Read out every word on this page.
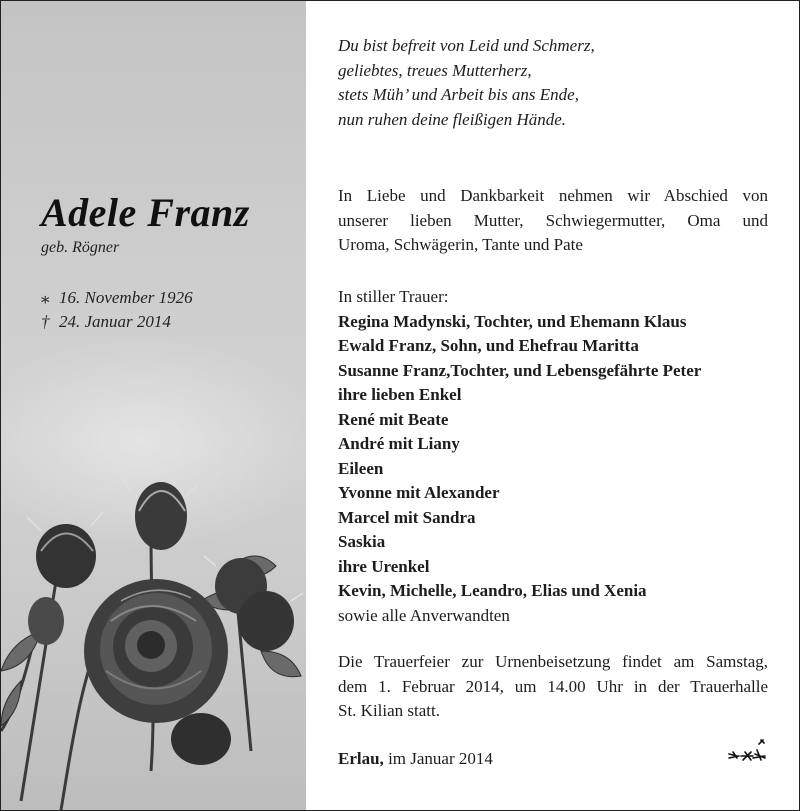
Adele Franz
geb. Rögner
⁎ 16. November 1926
† 24. Januar 2014
Du bist befreit von Leid und Schmerz,
geliebtes, treues Mutterherz,
stets Müh’ und Arbeit bis ans Ende,
nun ruhen deine fleißigen Hände.
In Liebe und Dankbarkeit nehmen wir Abschied von
unserer lieben Mutter, Schwiegermutter, Oma und
Uroma, Schwägerin, Tante und Pate
In stiller Trauer:
Regina Madynski, Tochter, und Ehemann Klaus
Ewald Franz, Sohn, und Ehefrau Maritta
Susanne Franz,Tochter, und Lebensgefährte Peter
ihre lieben Enkel
René mit Beate
André mit Liany
Eileen
Yvonne mit Alexander
Marcel mit Sandra
Saskia
ihre Urenkel
Kevin, Michelle, Leandro, Elias und Xenia
sowie alle Anverwandten
Die Trauerfeier zur Urnenbeisetzung findet am Samstag,
dem 1. Februar 2014, um 14.00 Uhr in der Trauerhalle
St. Kilian statt.
Erlau, im Januar 2014
